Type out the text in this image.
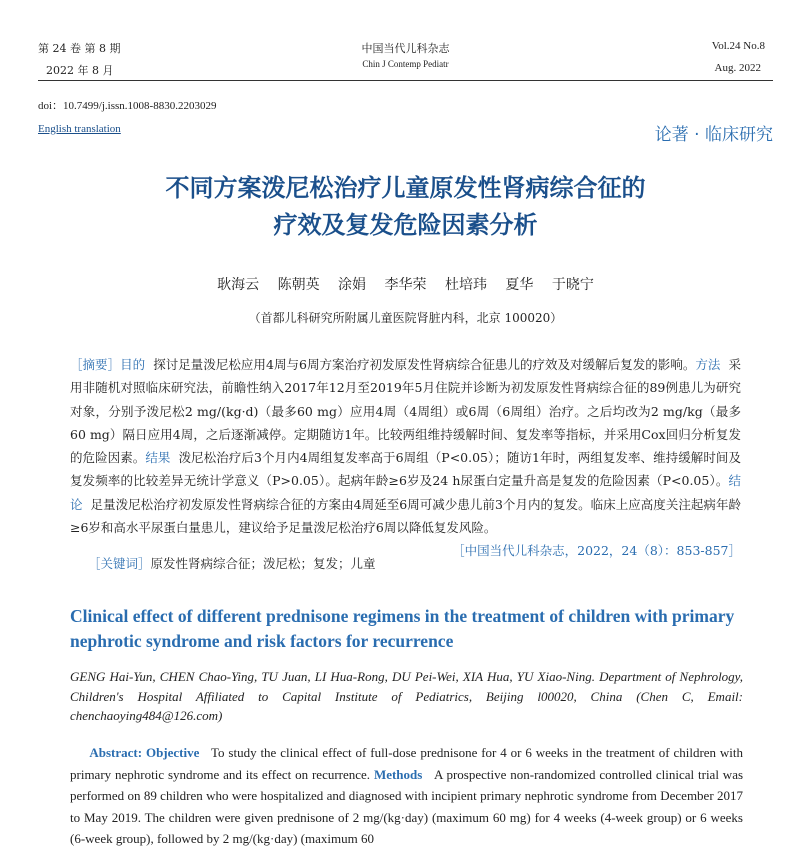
第 24 卷 第 8 期
2022 年 8 月
中国当代儿科杂志
Chin J Contemp Pediatr
Vol.24 No.8
Aug. 2022
doi：10.7499/j.issn.1008-8830.2203029
English translation	论著 · 临床研究
不同方案泼尼松治疗儿童原发性肾病综合征的
疗效及复发危险因素分析
耿海云 陈朝英 涂娟 李华荣 杜培玮 夏华 于晓宁
（首都儿科研究所附属儿童医院肾脏内科，北京 100020）

［摘要］目的 探讨足量泼尼松应用4周与6周方案治疗初发原发性肾病综合征患儿的疗效及对缓解后复发的影响。方法 采用非随机对照临床研究法，前瞻性纳入2017年12月至2019年5月住院并诊断为初发原发性肾病综合征的89例患儿为研究对象，分别予泼尼松2 mg/(kg·d)（最多60 mg）应用4周（4周组）或6周（6周组）治疗。之后均改为2 mg/kg（最多60 mg）隔日应用4周，之后逐渐减停。定期随访1年。比较两组维持缓解时间、复发率等指标，并采用Cox回归分析复发的危险因素。结果 泼尼松治疗后3个月内4周组复发率高于6周组（P<0.05）；随访1年时，两组复发率、维持缓解时间及复发频率的比较差异无统计学意义（P>0.05）。起病年龄≥6岁及24 h尿蛋白定量升高是复发的危险因素（P<0.05）。结论 足量泼尼松治疗初发原发性肾病综合征的方案由4周延至6周可减少患儿前3个月内的复发。临床上应高度关注起病年龄≥6岁和高水平尿蛋白量患儿，建议给予足量泼尼松治疗6周以降低复发风险。

［中国当代儿科杂志，2022，24（8）：853-857］

［关键词］原发性肾病综合征；泼尼松；复发；儿童
Clinical effect of different prednisone regimens in the treatment of children with primary nephrotic syndrome and risk factors for recurrence
GENG Hai-Yun, CHEN Chao-Ying, TU Juan, LI Hua-Rong, DU Pei-Wei, XIA Hua, YU Xiao-Ning. Department of Nephrology, Children's Hospital Affiliated to Capital Institute of Pediatrics, Beijing l00020, China (Chen C, Email: chenchaoying484@126.com)

Abstract: Objective To study the clinical effect of full-dose prednisone for 4 or 6 weeks in the treatment of children with primary nephrotic syndrome and its effect on recurrence. Methods A prospective non-randomized controlled clinical trial was performed on 89 children who were hospitalized and diagnosed with incipient primary nephrotic syndrome from December 2017 to May 2019. The children were given prednisone of 2 mg/(kg·day) (maximum 60 mg) for 4 weeks (4-week group) or 6 weeks (6-week group), followed by 2 mg/(kg·day) (maximum 60
